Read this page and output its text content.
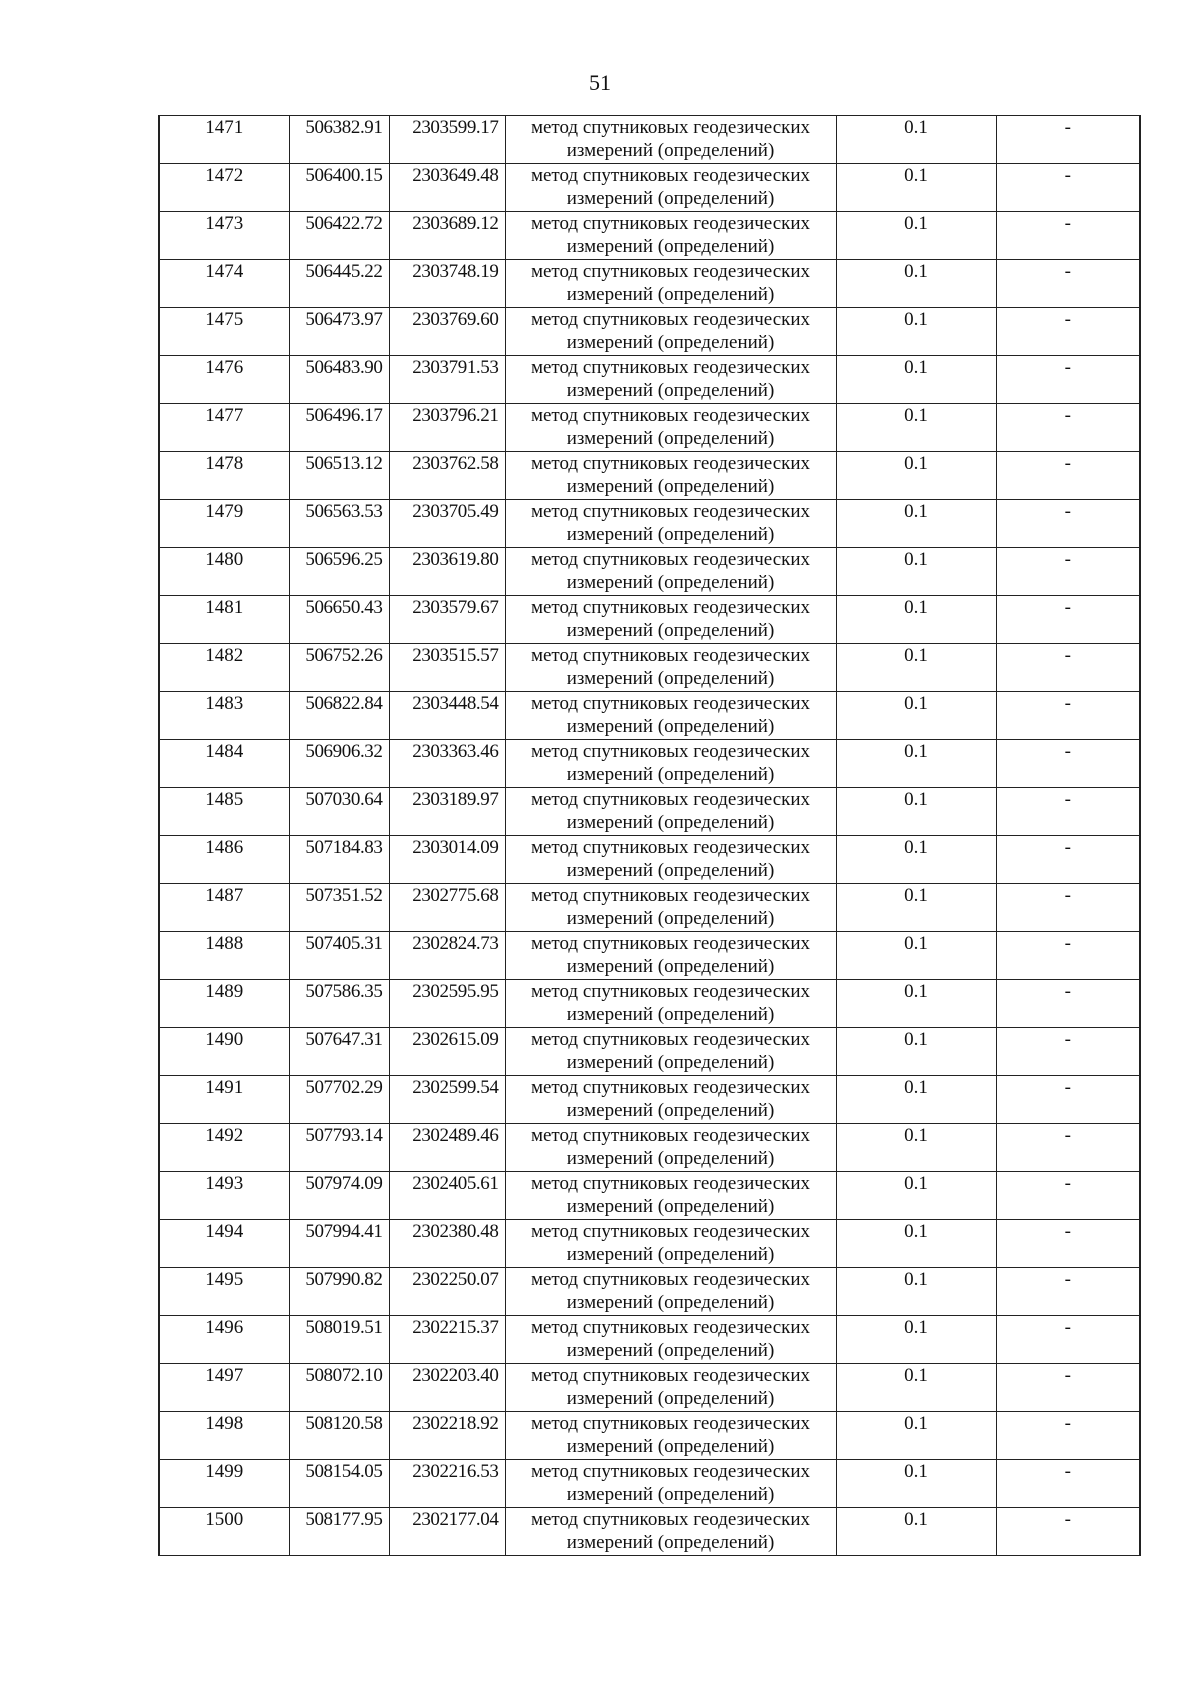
51
1471	506382.91	2303599.17	метод спутниковых геодезических измерений (определений)	0.1	-
1472	506400.15	2303649.48	метод спутниковых геодезических измерений (определений)	0.1	-
1473	506422.72	2303689.12	метод спутниковых геодезических измерений (определений)	0.1	-
1474	506445.22	2303748.19	метод спутниковых геодезических измерений (определений)	0.1	-
1475	506473.97	2303769.60	метод спутниковых геодезических измерений (определений)	0.1	-
1476	506483.90	2303791.53	метод спутниковых геодезических измерений (определений)	0.1	-
1477	506496.17	2303796.21	метод спутниковых геодезических измерений (определений)	0.1	-
1478	506513.12	2303762.58	метод спутниковых геодезических измерений (определений)	0.1	-
1479	506563.53	2303705.49	метод спутниковых геодезических измерений (определений)	0.1	-
1480	506596.25	2303619.80	метод спутниковых геодезических измерений (определений)	0.1	-
1481	506650.43	2303579.67	метод спутниковых геодезических измерений (определений)	0.1	-
1482	506752.26	2303515.57	метод спутниковых геодезических измерений (определений)	0.1	-
1483	506822.84	2303448.54	метод спутниковых геодезических измерений (определений)	0.1	-
1484	506906.32	2303363.46	метод спутниковых геодезических измерений (определений)	0.1	-
1485	507030.64	2303189.97	метод спутниковых геодезических измерений (определений)	0.1	-
1486	507184.83	2303014.09	метод спутниковых геодезических измерений (определений)	0.1	-
1487	507351.52	2302775.68	метод спутниковых геодезических измерений (определений)	0.1	-
1488	507405.31	2302824.73	метод спутниковых геодезических измерений (определений)	0.1	-
1489	507586.35	2302595.95	метод спутниковых геодезических измерений (определений)	0.1	-
1490	507647.31	2302615.09	метод спутниковых геодезических измерений (определений)	0.1	-
1491	507702.29	2302599.54	метод спутниковых геодезических измерений (определений)	0.1	-
1492	507793.14	2302489.46	метод спутниковых геодезических измерений (определений)	0.1	-
1493	507974.09	2302405.61	метод спутниковых геодезических измерений (определений)	0.1	-
1494	507994.41	2302380.48	метод спутниковых геодезических измерений (определений)	0.1	-
1495	507990.82	2302250.07	метод спутниковых геодезических измерений (определений)	0.1	-
1496	508019.51	2302215.37	метод спутниковых геодезических измерений (определений)	0.1	-
1497	508072.10	2302203.40	метод спутниковых геодезических измерений (определений)	0.1	-
1498	508120.58	2302218.92	метод спутниковых геодезических измерений (определений)	0.1	-
1499	508154.05	2302216.53	метод спутниковых геодезических измерений (определений)	0.1	-
1500	508177.95	2302177.04	метод спутниковых геодезических измерений (определений)	0.1	-
